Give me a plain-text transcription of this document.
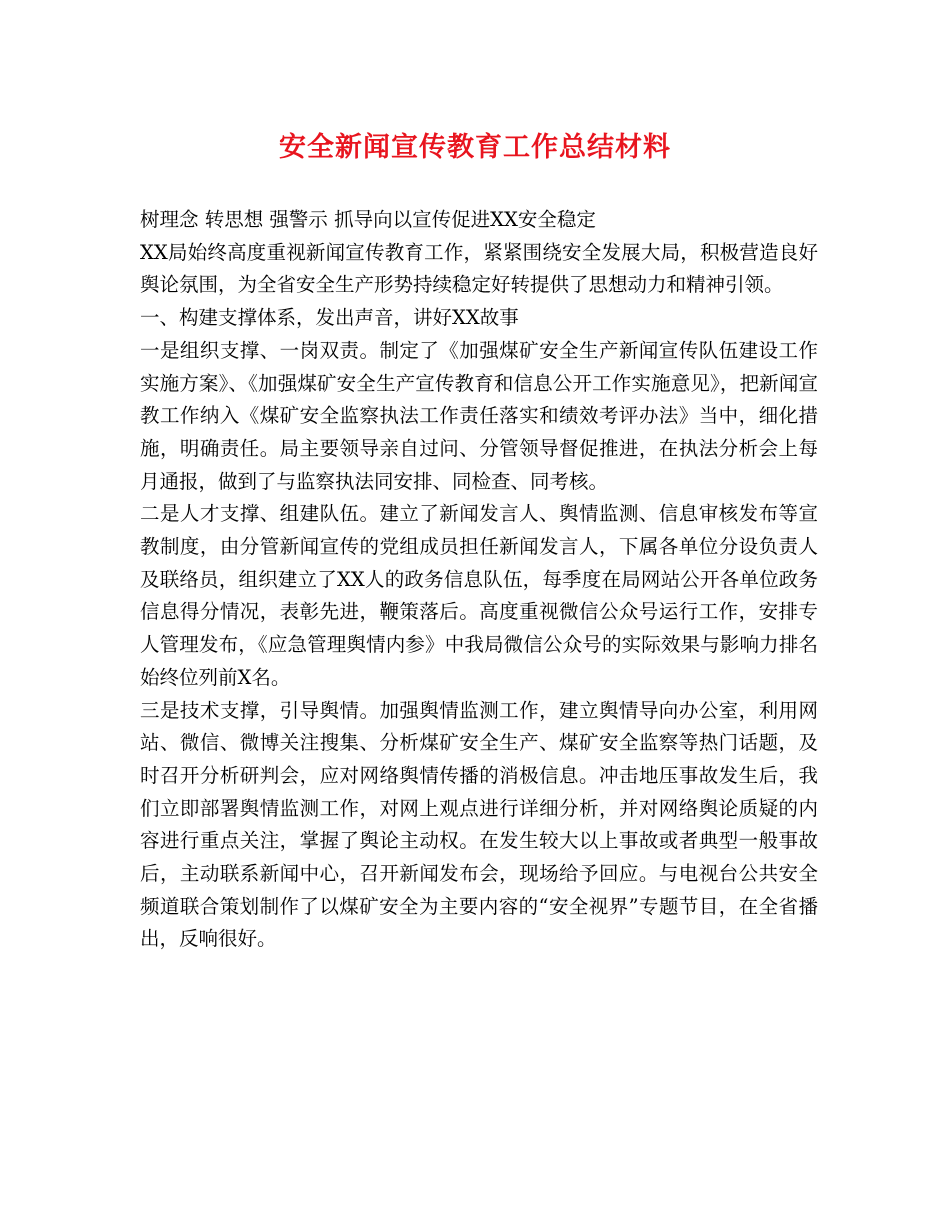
安全新闻宣传教育工作总结材料

树理念 转思想 强警示 抓导向以宣传促进XX安全稳定

XX局始终高度重视新闻宣传教育工作，紧紧围绕安全发展大局，积极营造良好舆论氛围，为全省安全生产形势持续稳定好转提供了思想动力和精神引领。

一、构建支撑体系，发出声音，讲好XX故事

一是组织支撑、一岗双责。制定了《加强煤矿安全生产新闻宣传队伍建设工作实施方案》、《加强煤矿安全生产宣传教育和信息公开工作实施意见》，把新闻宣教工作纳入《煤矿安全监察执法工作责任落实和绩效考评办法》当中，细化措施，明确责任。局主要领导亲自过问、分管领导督促推进，在执法分析会上每月通报，做到了与监察执法同安排、同检查、同考核。

二是人才支撑、组建队伍。建立了新闻发言人、舆情监测、信息审核发布等宣教制度，由分管新闻宣传的党组成员担任新闻发言人，下属各单位分设负责人及联络员，组织建立了XX人的政务信息队伍，每季度在局网站公开各单位政务信息得分情况，表彰先进，鞭策落后。高度重视微信公众号运行工作，安排专人管理发布，《应急管理舆情内参》中我局微信公众号的实际效果与影响力排名始终位列前X名。

三是技术支撑，引导舆情。加强舆情监测工作，建立舆情导向办公室，利用网站、微信、微博关注搜集、分析煤矿安全生产、煤矿安全监察等热门话题，及时召开分析研判会，应对网络舆情传播的消极信息。冲击地压事故发生后，我们立即部署舆情监测工作，对网上观点进行详细分析，并对网络舆论质疑的内容进行重点关注，掌握了舆论主动权。在发生较大以上事故或者典型一般事故后，主动联系新闻中心，召开新闻发布会，现场给予回应。与电视台公共安全频道联合策划制作了以煤矿安全为主要内容的“安全视界”专题节目，在全省播出，反响很好。
